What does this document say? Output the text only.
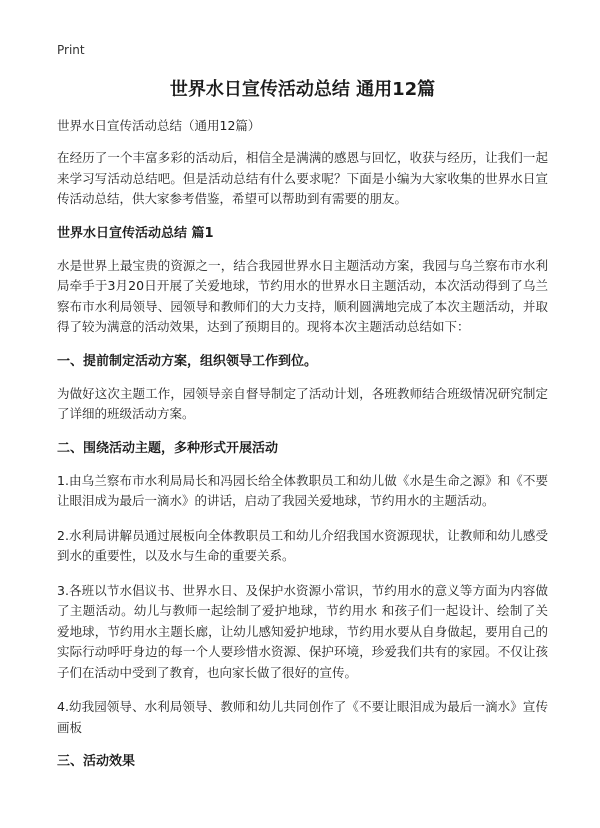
Print
世界水日宣传活动总结 通用12篇
世界水日宣传活动总结（通用12篇）

在经历了一个丰富多彩的活动后，相信全是满满的感恩与回忆，收获与经历，让我们一起来学习写活动总结吧。但是活动总结有什么要求呢？下面是小编为大家收集的世界水日宣传活动总结，供大家参考借鉴，希望可以帮助到有需要的朋友。

世界水日宣传活动总结 篇1

水是世界上最宝贵的资源之一，结合我园世界水日主题活动方案，我园与乌兰察布市水利局牵手于3月20日开展了关爱地球，节约用水的世界水日主题活动，本次活动得到了乌兰察布市水利局领导、园领导和教师们的大力支持，顺利圆满地完成了本次主题活动，并取得了较为满意的活动效果，达到了预期目的。现将本次主题活动总结如下：

一、提前制定活动方案，组织领导工作到位。

为做好这次主题工作，园领导亲自督导制定了活动计划，各班教师结合班级情况研究制定了详细的班级活动方案。

二、围绕活动主题，多种形式开展活动

1.由乌兰察布市水利局局长和冯园长给全体教职员工和幼儿做《水是生命之源》和《不要让眼泪成为最后一滴水》的讲话，启动了我园关爱地球，节约用水的主题活动。

2.水利局讲解员通过展板向全体教职员工和幼儿介绍我国水资源现状，让教师和幼儿感受到水的重要性，以及水与生命的重要关系。

3.各班以节水倡议书、世界水日、及保护水资源小常识，节约用水的意义等方面为内容做了主题活动。幼儿与教师一起绘制了爱护地球，节约用水 和孩子们一起设计、绘制了关爱地球，节约用水主题长廊，让幼儿感知爱护地球，节约用水要从自身做起，要用自己的实际行动呼吁身边的每一个人要珍惜水资源、保护环境，珍爱我们共有的家园。不仅让孩子们在活动中受到了教育，也向家长做了很好的宣传。

4.幼我园领导、水利局领导、教师和幼儿共同创作了《不要让眼泪成为最后一滴水》宣传画板

三、活动效果
